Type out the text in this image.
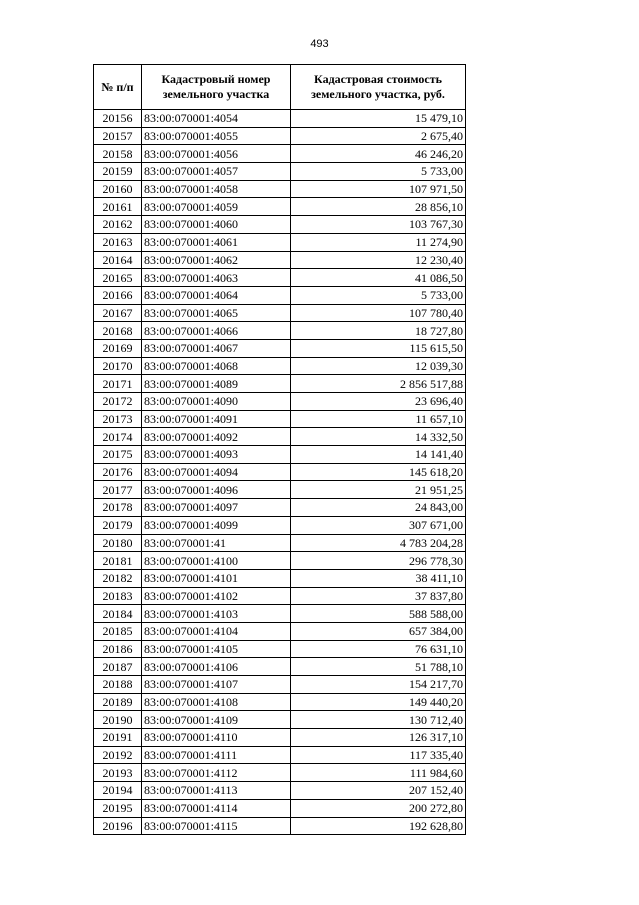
493
№ п/п	Кадастровый номер земельного участка	Кадастровая стоимость земельного участка, руб.
20156	83:00:070001:4054	15 479,10
20157	83:00:070001:4055	2 675,40
20158	83:00:070001:4056	46 246,20
20159	83:00:070001:4057	5 733,00
20160	83:00:070001:4058	107 971,50
20161	83:00:070001:4059	28 856,10
20162	83:00:070001:4060	103 767,30
20163	83:00:070001:4061	11 274,90
20164	83:00:070001:4062	12 230,40
20165	83:00:070001:4063	41 086,50
20166	83:00:070001:4064	5 733,00
20167	83:00:070001:4065	107 780,40
20168	83:00:070001:4066	18 727,80
20169	83:00:070001:4067	115 615,50
20170	83:00:070001:4068	12 039,30
20171	83:00:070001:4089	2 856 517,88
20172	83:00:070001:4090	23 696,40
20173	83:00:070001:4091	11 657,10
20174	83:00:070001:4092	14 332,50
20175	83:00:070001:4093	14 141,40
20176	83:00:070001:4094	145 618,20
20177	83:00:070001:4096	21 951,25
20178	83:00:070001:4097	24 843,00
20179	83:00:070001:4099	307 671,00
20180	83:00:070001:41	4 783 204,28
20181	83:00:070001:4100	296 778,30
20182	83:00:070001:4101	38 411,10
20183	83:00:070001:4102	37 837,80
20184	83:00:070001:4103	588 588,00
20185	83:00:070001:4104	657 384,00
20186	83:00:070001:4105	76 631,10
20187	83:00:070001:4106	51 788,10
20188	83:00:070001:4107	154 217,70
20189	83:00:070001:4108	149 440,20
20190	83:00:070001:4109	130 712,40
20191	83:00:070001:4110	126 317,10
20192	83:00:070001:4111	117 335,40
20193	83:00:070001:4112	111 984,60
20194	83:00:070001:4113	207 152,40
20195	83:00:070001:4114	200 272,80
20196	83:00:070001:4115	192 628,80
